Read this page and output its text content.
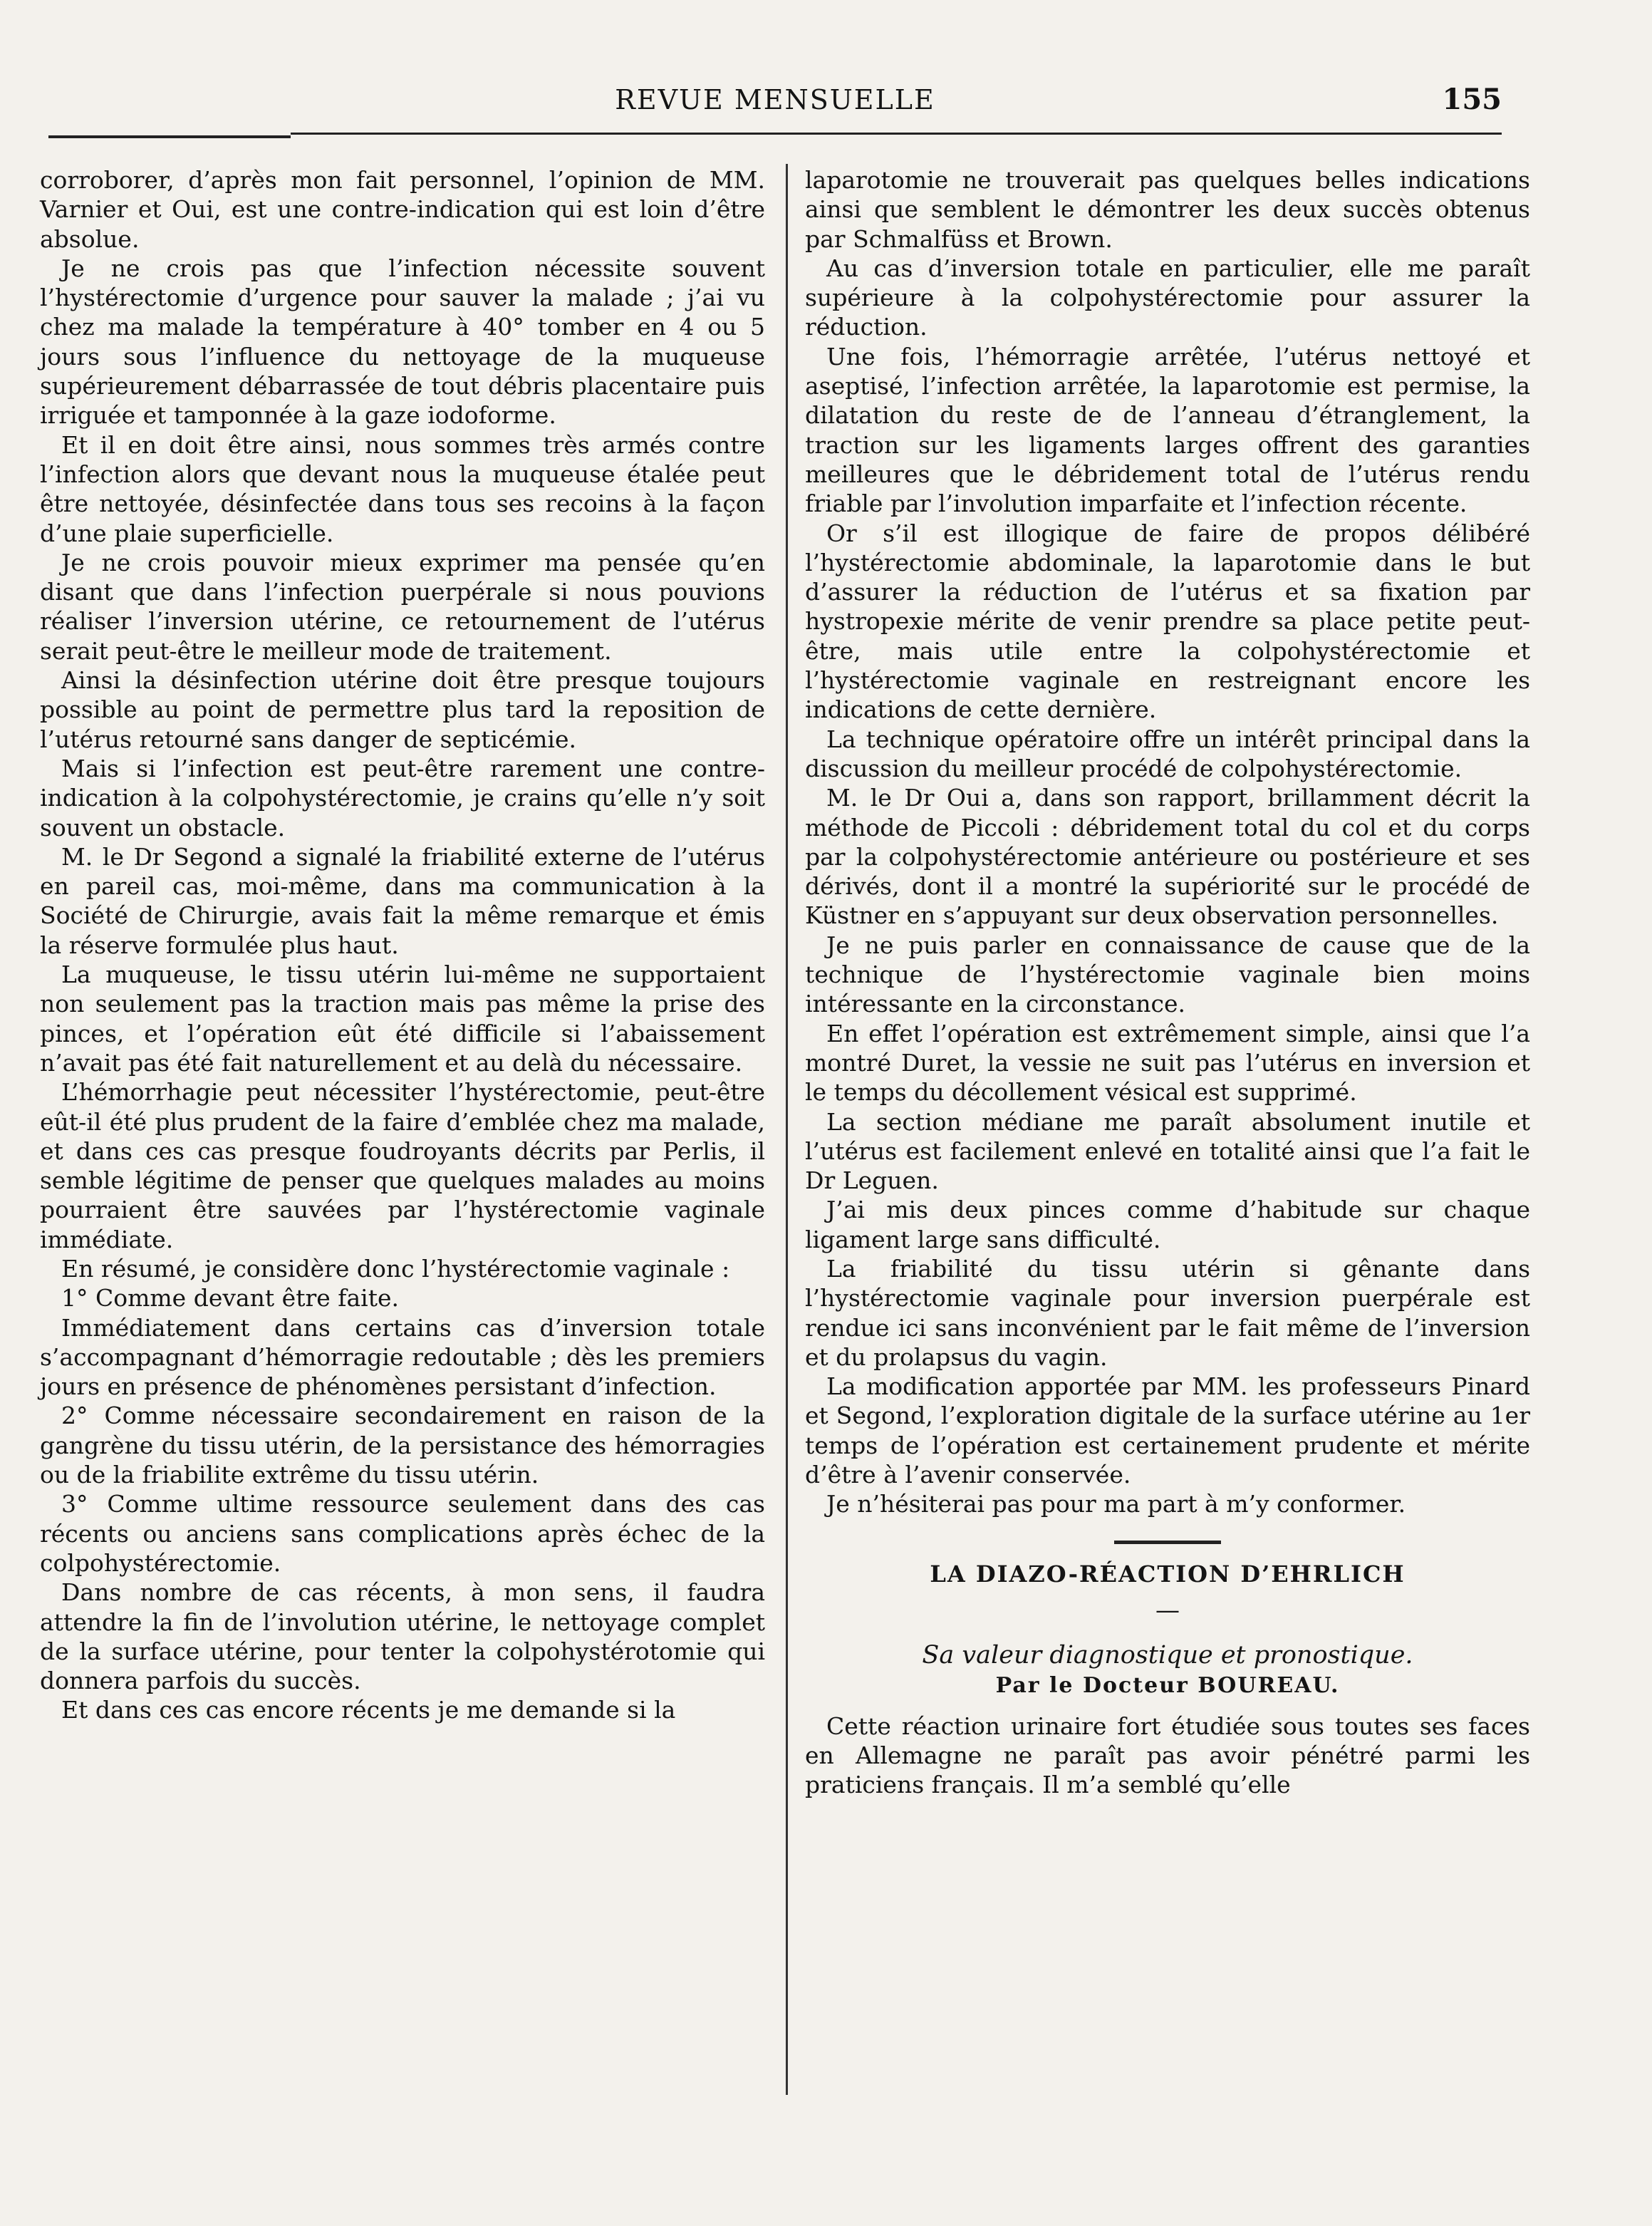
REVUE MENSUELLE	155

corroborer, d’après mon fait personnel, l’opinion de MM. Varnier et Oui, est une contre-indication qui est loin d’être absolue.

Je ne crois pas que l’infection nécessite souvent l’hystérectomie d’urgence pour sauver la malade ; j’ai vu chez ma malade la température à 40° tomber en 4 ou 5 jours sous l’influence du nettoyage de la muqueuse supérieurement débarrassée de tout débris placentaire puis irriguée et tamponnée à la gaze iodoforme.

Et il en doit être ainsi, nous sommes très armés contre l’infection alors que devant nous la muqueuse étalée peut être nettoyée, désinfectée dans tous ses recoins à la façon d’une plaie superficielle.

Je ne crois pouvoir mieux exprimer ma pensée qu’en disant que dans l’infection puerpérale si nous pouvions réaliser l’inversion utérine, ce retournement de l’utérus serait peut-être le meilleur mode de traitement.

Ainsi la désinfection utérine doit être presque toujours possible au point de permettre plus tard la reposition de l’utérus retourné sans danger de septicémie.

Mais si l’infection est peut-être rarement une contre-indication à la colpohystérectomie, je crains qu’elle n’y soit souvent un obstacle.

M. le Dr Segond a signalé la friabilité externe de l’utérus en pareil cas, moi-même, dans ma communication à la Société de Chirurgie, avais fait la même remarque et émis la réserve formulée plus haut.

La muqueuse, le tissu utérin lui-même ne supportaient non seulement pas la traction mais pas même la prise des pinces, et l’opération eût été difficile si l’abaissement n’avait pas été fait naturellement et au delà du nécessaire.

L’hémorrhagie peut nécessiter l’hystérectomie, peut-être eût-il été plus prudent de la faire d’emblée chez ma malade, et dans ces cas presque foudroyants décrits par Perlis, il semble légitime de penser que quelques malades au moins pourraient être sauvées par l’hystérectomie vaginale immédiate.

En résumé, je considère donc l’hystérectomie vaginale :

1° Comme devant être faite.

Immédiatement dans certains cas d’inversion totale s’accompagnant d’hémorragie redoutable ; dès les premiers jours en présence de phénomènes persistant d’infection.

2° Comme nécessaire secondairement en raison de la gangrène du tissu utérin, de la persistance des hémorragies ou de la friabilite extrême du tissu utérin.

3° Comme ultime ressource seulement dans des cas récents ou anciens sans complications après échec de la colpohystérectomie.

Dans nombre de cas récents, à mon sens, il faudra attendre la fin de l’involution utérine, le nettoyage complet de la surface utérine, pour tenter la colpohystérotomie qui donnera parfois du succès.

Et dans ces cas encore récents je me demande si la

laparotomie ne trouverait pas quelques belles indications ainsi que semblent le démontrer les deux succès obtenus par Schmalfüss et Brown.

Au cas d’inversion totale en particulier, elle me paraît supérieure à la colpohystérectomie pour assurer la réduction.

Une fois, l’hémorragie arrêtée, l’utérus nettoyé et aseptisé, l’infection arrêtée, la laparotomie est permise, la dilatation du reste de de l’anneau d’étranglement, la traction sur les ligaments larges offrent des garanties meilleures que le débridement total de l’utérus rendu friable par l’involution imparfaite et l’infection récente.

Or s’il est illogique de faire de propos délibéré l’hystérectomie abdominale, la laparotomie dans le but d’assurer la réduction de l’utérus et sa fixation par hystropexie mérite de venir prendre sa place petite peut-être, mais utile entre la colpohystérectomie et l’hystérectomie vaginale en restreignant encore les indications de cette dernière.

La technique opératoire offre un intérêt principal dans la discussion du meilleur procédé de colpohystérectomie.

M. le Dr Oui a, dans son rapport, brillamment décrit la méthode de Piccoli : débridement total du col et du corps par la colpohystérectomie antérieure ou postérieure et ses dérivés, dont il a montré la supériorité sur le procédé de Küstner en s’appuyant sur deux observation personnelles.

Je ne puis parler en connaissance de cause que de la technique de l’hystérectomie vaginale bien moins intéressante en la circonstance.

En effet l’opération est extrêmement simple, ainsi que l’a montré Duret, la vessie ne suit pas l’utérus en inversion et le temps du décollement vésical est supprimé.

La section médiane me paraît absolument inutile et l’utérus est facilement enlevé en totalité ainsi que l’a fait le Dr Leguen.

J’ai mis deux pinces comme d’habitude sur chaque ligament large sans difficulté.

La friabilité du tissu utérin si gênante dans l’hystérectomie vaginale pour inversion puerpérale est rendue ici sans inconvénient par le fait même de l’inversion et du prolapsus du vagin.

La modification apportée par MM. les professeurs Pinard et Segond, l’exploration digitale de la surface utérine au 1er temps de l’opération est certainement prudente et mérite d’être à l’avenir conservée.

Je n’hésiterai pas pour ma part à m’y conformer.

LA DIAZO-RÉACTION D’EHRLICH
—
Sa valeur diagnostique et pronostique.
Par le Docteur BOUREAU.

Cette réaction urinaire fort étudiée sous toutes ses faces en Allemagne ne paraît pas avoir pénétré parmi les praticiens français. Il m’a semblé qu’elle
